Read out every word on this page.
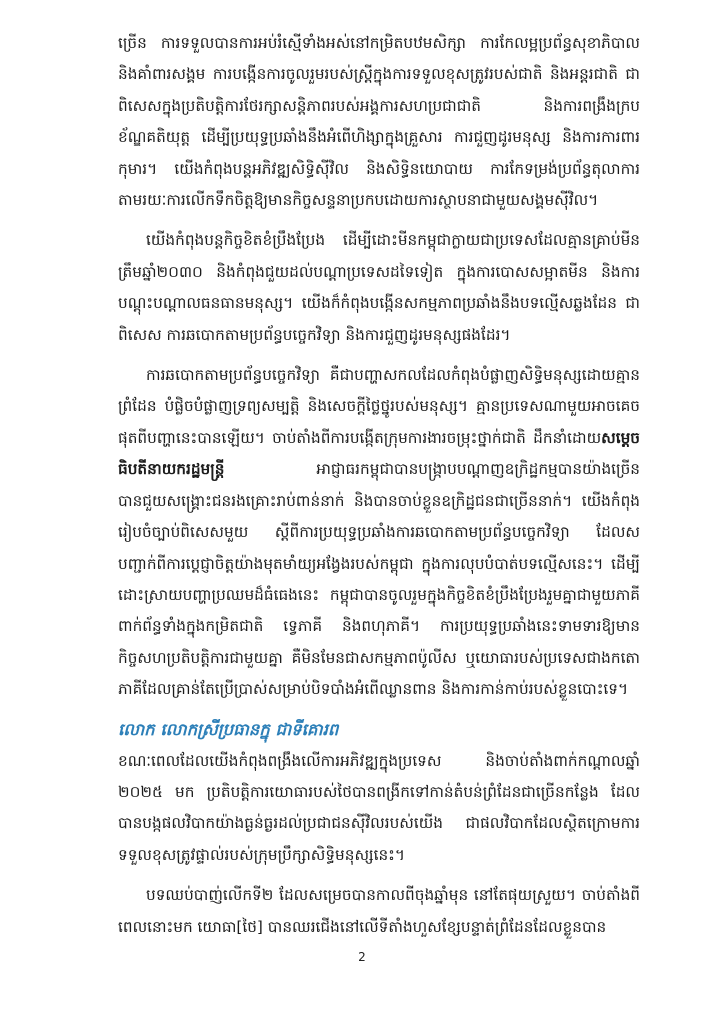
ច្រើន ការទទួលបានការអប់រំស្មើទាំងអស់នៅកម្រិតបឋមសិក្សា ការកែលម្អប្រព័ន្ធសុខាភិបាល និងគាំពារសង្គម ការបង្កើនការចូលរួមរបស់ស្ត្រីក្នុងការទទួលខុសត្រូវរបស់ជាតិ និងអន្តរជាតិ ជាពិសេសក្នុងប្រតិបត្តិការថែរក្សាសន្តិភាពរបស់អង្គការសហប្រជាជាតិ និងការពង្រឹងក្របខ័ណ្ឌគតិយុត្ត ដើម្បីប្រយុទ្ធប្រឆាំងនឹងអំពើហិង្សាក្នុងគ្រួសារ ការជួញដូរមនុស្ស និងការការពារកុមារ។ យើងកំពុងបន្តអភិវឌ្ឍសិទ្ធិស៊ីវិល និងសិទ្ធិនយោបាយ ការកែទម្រង់ប្រព័ន្ធតុលាការ តាមរយៈការលើកទឹកចិត្តឱ្យមានកិច្ចសន្ទនាប្រកបដោយការស្ថាបនាជាមួយសង្គមស៊ីវិល។

យើងកំពុងបន្តកិច្ចខិតខំប្រឹងប្រែង ដើម្បីដោះមីនកម្ពុជាក្លាយជាប្រទេសដែលគ្មានគ្រាប់មីន ត្រឹមឆ្នាំ២០៣០ និងកំពុងជួយដល់បណ្តាប្រទេសដទៃទៀត ក្នុងការបោសសម្អាតមីន និងការបណ្តុះបណ្តាលធនធានមនុស្ស។ យើងក៏កំពុងបង្កើនសកម្មភាពប្រឆាំងនឹងបទល្មើសឆ្លងដែន ជាពិសេស ការឆបោកតាមប្រព័ន្ធបច្ចេកវិទ្យា និងការជួញដូរមនុស្សផងដែរ។

ការឆបោកតាមប្រព័ន្ធបច្ចេកវិទ្យា គឺជាបញ្ហាសកលដែលកំពុងបំផ្លាញសិទ្ធិមនុស្សដោយគ្មានព្រំដែន បំផ្លិចបំផ្លាញទ្រព្យសម្បត្តិ និងសេចក្តីថ្លៃថ្នូរបស់មនុស្ស។ គ្មានប្រទេសណាមួយអាចគេចផុតពីបញ្ហានេះបានឡើយ។ ចាប់តាំងពីការបង្កើតក្រុមការងារចម្រុះថ្នាក់ជាតិ ដឹកនាំដោយសម្តេចធិបតីនាយករដ្ឋមន្ត្រី អាជ្ញាធរកម្ពុជាបានបង្ក្រាបបណ្តាញឧក្រិដ្ឋកម្មបានយ៉ាងច្រើន បានជួយសង្គ្រោះជនរងគ្រោះរាប់ពាន់នាក់ និងបានចាប់ខ្លួនឧក្រិដ្ឋជនជាច្រើននាក់។ យើងកំពុងរៀបចំច្បាប់ពិសេសមួយ ស្តីពីការប្រយុទ្ធប្រឆាំងការឆបោកតាមប្រព័ន្ធបច្ចេកវិទ្យា ដែលសបញ្ជាក់ពីការប្តេជ្ញាចិត្តយ៉ាងមុតមាំយ្យអង្វែងរបស់កម្ពុជា ក្នុងការលុបបំបាត់បទល្មើសនេះ។ ដើម្បីដោះស្រាយបញ្ហាប្រឈមដ៏ធំធេងនេះ កម្ពុជាបានចូលរួមក្នុងកិច្ចខិតខំប្រឹងប្រែងរួមគ្នាជាមួយភាគីពាក់ព័ន្ធទាំងក្នុងកម្រិតជាតិ ទ្វេភាគី និងពហុភាគី។ ការប្រយុទ្ធប្រឆាំងនេះទាមទារឱ្យមានកិច្ចសហប្រតិបត្តិការជាមួយគ្នា គឺមិនមែនជាសកម្មភាពប៉ូលីស ឬយោធារបស់ប្រទេសជាងកតោភាគីដែលគ្រាន់តែប្រើប្រាស់សម្រាប់បិទបាំងអំពើឈ្លានពាន និងការកាន់កាប់របស់ខ្លួនបោះទេ។

លោក លោកស្រីប្រធានក្នុ ជាទីគោរព

ខណៈពេលដែលយើងកំពុងពង្រឹងលើការអភិវឌ្ឍក្នុងប្រទេស និងចាប់តាំងពាក់កណ្តាលឆ្នាំ ២០២៥ មក ប្រតិបត្តិការយោធារបស់ថៃបានពង្រីកទៅកាន់តំបន់ព្រំដែនជាច្រើនកន្លែង ដែលបានបង្កផលវិបាកយ៉ាងធ្ងន់ធ្ងរដល់ប្រជាជនស៊ីវិលរបស់យើង ជាផលវិបាកដែលស្ថិតក្រោមការទទួលខុសត្រូវផ្ទាល់របស់ក្រុមប្រឹក្សាសិទ្ធិមនុស្សនេះ។

បទឈប់បាញ់លើកទី២ ដែលសម្រេចបានកាលពីចុងឆ្នាំមុន នៅតែផុយស្រួយ។ ចាប់តាំងពីពេលនោះមក យោធា[ថៃ] បានឈរជើងនៅលើទីតាំងហួសខ្សែបន្ទាត់ព្រំដែនដែលខ្លួនបាន

2
